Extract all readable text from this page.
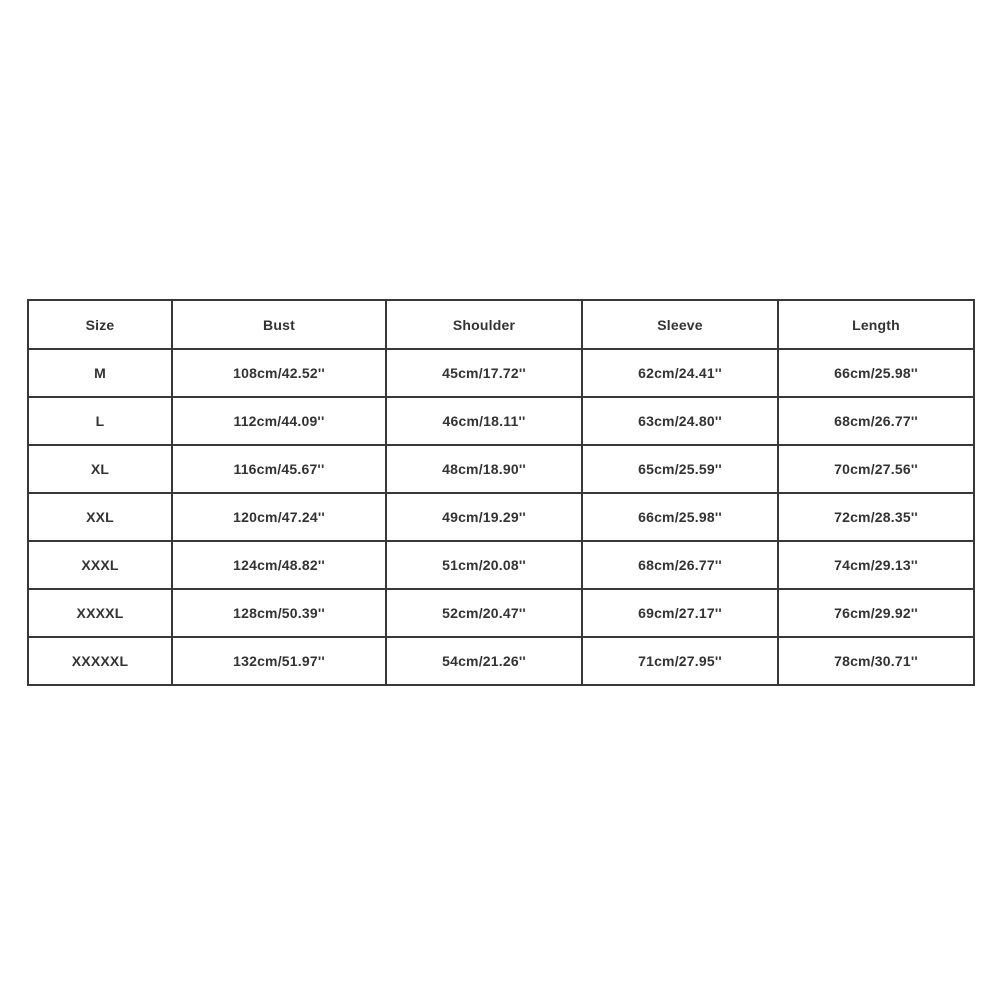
Size	Bust	Shoulder	Sleeve	Length
M	108cm/42.52''	45cm/17.72''	62cm/24.41''	66cm/25.98''
L	112cm/44.09''	46cm/18.11''	63cm/24.80''	68cm/26.77''
XL	116cm/45.67''	48cm/18.90''	65cm/25.59''	70cm/27.56''
XXL	120cm/47.24''	49cm/19.29''	66cm/25.98''	72cm/28.35''
XXXL	124cm/48.82''	51cm/20.08''	68cm/26.77''	74cm/29.13''
XXXXL	128cm/50.39''	52cm/20.47''	69cm/27.17''	76cm/29.92''
XXXXXL	132cm/51.97''	54cm/21.26''	71cm/27.95''	78cm/30.71''
